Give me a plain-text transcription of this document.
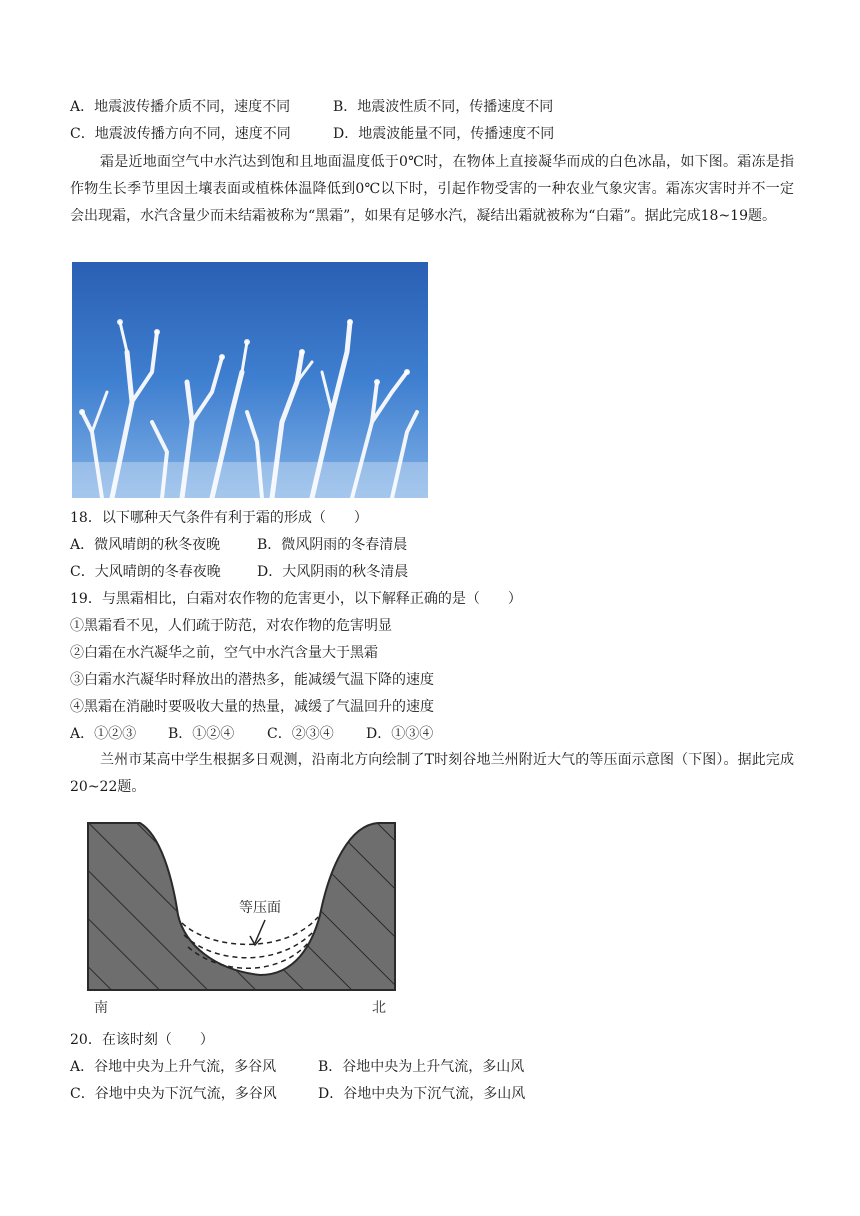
A．地震波传播介质不同，速度不同	B．地震波性质不同，传播速度不同
C．地震波传播方向不同，速度不同	D．地震波能量不同，传播速度不同
霜是近地面空气中水汽达到饱和且地面温度低于0℃时，在物体上直接凝华而成的白色冰晶，如下图。霜冻是指作物生长季节里因土壤表面或植株体温降低到0℃以下时，引起作物受害的一种农业气象灾害。霜冻灾害时并不一定会出现霜，水汽含量少而未结霜被称为“黑霜”，如果有足够水汽，凝结出霜就被称为“白霜”。据此完成18~19题。
18．以下哪种天气条件有利于霜的形成（　　）
A．微风晴朗的秋冬夜晚	B．微风阴雨的冬春清晨
C．大风晴朗的冬春夜晚	D．大风阴雨的秋冬清晨
19．与黑霜相比，白霜对农作物的危害更小，以下解释正确的是（　　）
①黑霜看不见，人们疏于防范，对农作物的危害明显
②白霜在水汽凝华之前，空气中水汽含量大于黑霜
③白霜水汽凝华时释放出的潜热多，能减缓气温下降的速度
④黑霜在消融时要吸收大量的热量，减缓了气温回升的速度
A．①②③ B．①②④ C．②③④ D．①③④
兰州市某高中学生根据多日观测，沿南北方向绘制了T时刻谷地兰州附近大气的等压面示意图（下图）。据此完成20~22题。
等压面
南	北
20．在该时刻（　　）
A．谷地中央为上升气流，多谷风	B．谷地中央为上升气流，多山风
C．谷地中央为下沉气流，多谷风	D．谷地中央为下沉气流，多山风
